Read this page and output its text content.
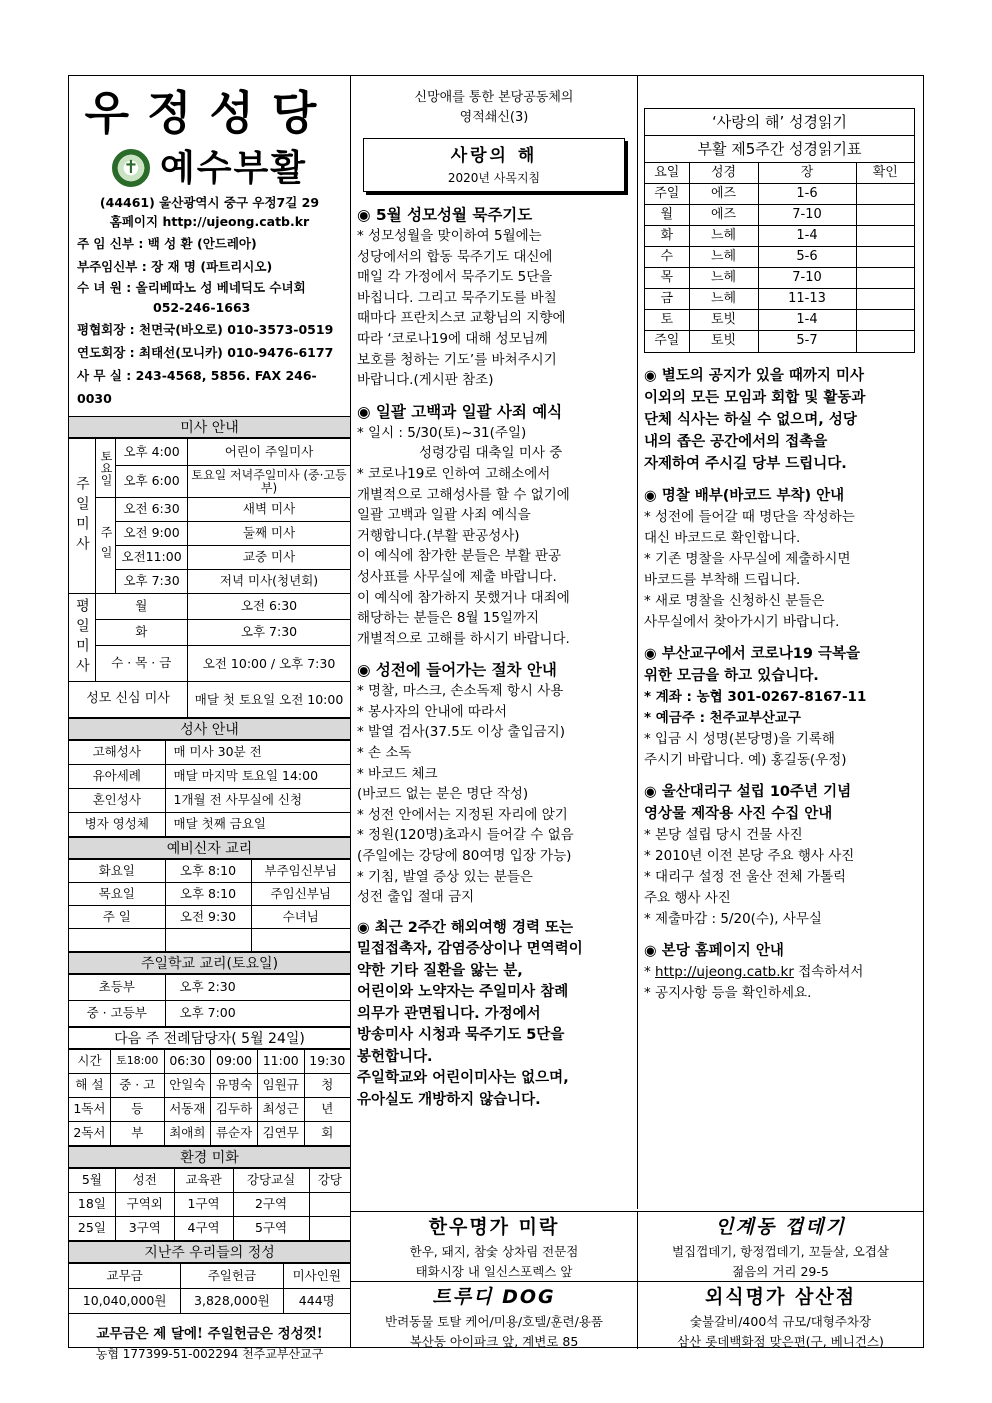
우정성당
✝
예수부활
(44461) 울산광역시 중구 우정7길 29
홈페이지 http://ujeong.catb.kr
주 임 신부 : 백 성 환 (안드레아)
부주임신부 : 장 재 명 (파트리시오)
수 녀 원 : 올리베따노 성 베네딕도 수녀회
052-246-1663
평협회장 : 천면국(바오로) 010-3573-0519
연도회장 : 최태선(모니카) 010-9476-6177
사 무 실 : 243-4568, 5856. FAX 246-0030
미사 안내
주일미사	토요일	오후 4:00	어린이 주일미사
		오후 6:00	토요일 저녁주일미사 (중·고등부)
	주일	오전 6:30	새벽 미사
		오전 9:00	둘째 미사
		오전11:00	교중 미사
		오후 7:30	저녁 미사(청년회)
평일미사	월		오전 6:30
	화		오후 7:30
	수 · 목 · 금		오전 10:00 / 오후 7:30
성모 신심 미사			매달 첫 토요일 오전 10:00
성사 안내
고해성사	매 미사 30분 전
유아세례	매달 마지막 토요일 14:00
혼인성사	1개월 전 사무실에 신청
병자 영성체	매달 첫째 금요일
예비신자 교리
화요일	오후 8:10	부주임신부님
목요일	오후 8:10	주임신부님
주 일	오전 9:30	수녀님

주일학교 교리(토요일)
초등부	오후 2:30
중 · 고등부	오후 7:00
다음 주 전례담당자( 5월 24일)
시간	토18:00	06:30	09:00	11:00	19:30
해 설	중 · 고	안일숙	유명숙	임원규	청
1독서	등	서동재	김두하	최성근	년
2독서	부	최애희	류순자	김연무	회
환경 미화
5월	성전	교육관	강당교실	강당
18일	구역외	1구역	2구역	
25일	3구역	4구역	5구역	
지난주 우리들의 정성
교무금	주일헌금	미사인원
10,040,000원	3,828,000원	444명
교무금은 제 달에! 주일헌금은 정성껏!
농협 177399-51-002294 천주교부산교구
신망애를 통한 본당공동체의
영적쇄신(3)
사랑의 해
2020년 사목지침
◉ 5월 성모성월 묵주기도
* 성모성월을 맞이하여 5월에는
성당에서의 합동 묵주기도 대신에
매일 각 가정에서 묵주기도 5단을
바칩니다. 그리고 묵주기도를 바칠
때마다 프란치스코 교황님의 지향에
따라 ‘코로나19에 대해 성모님께
보호를 청하는 기도’를 바쳐주시기
바랍니다.(게시판 참조)
◉ 일괄 고백과 일괄 사죄 예식
* 일시 : 5/30(토)~31(주일)
성령강림 대축일 미사 중
* 코로나19로 인하여 고해소에서
개별적으로 고해성사를 할 수 없기에
일괄 고백과 일괄 사죄 예식을
거행합니다.(부활 판공성사)
이 예식에 참가한 분들은 부활 판공
성사표를 사무실에 제출 바랍니다.
이 예식에 참가하지 못했거나 대죄에
해당하는 분들은 8월 15일까지
개별적으로 고해를 하시기 바랍니다.
◉ 성전에 들어가는 절차 안내
* 명찰, 마스크, 손소독제 항시 사용
* 봉사자의 안내에 따라서
* 발열 검사(37.5도 이상 출입금지)
* 손 소독
* 바코드 체크
(바코드 없는 분은 명단 작성)
* 성전 안에서는 지정된 자리에 앉기
* 정원(120명)초과시 들어갈 수 없음
(주일에는 강당에 80여명 입장 가능)
* 기침, 발열 증상 있는 분들은
성전 출입 절대 금지
◉ 최근 2주간 해외여행 경력 또는
밀접접촉자, 감염증상이나 면역력이
약한 기타 질환을 앓는 분,
어린이와 노약자는 주일미사 참례
의무가 관면됩니다. 가정에서
방송미사 시청과 묵주기도 5단을
봉헌합니다.
주일학교와 어린이미사는 없으며,
유아실도 개방하지 않습니다.
‘사랑의 해’ 성경읽기
부활 제5주간 성경읽기표
요일	성경	장	확인
주일	에즈	1-6	
월	에즈	7-10	
화	느헤	1-4	
수	느헤	5-6	
목	느헤	7-10	
금	느헤	11-13	
토	토빗	1-4	
주일	토빗	5-7	
◉ 별도의 공지가 있을 때까지 미사
이외의 모든 모임과 회합 및 활동과
단체 식사는 하실 수 없으며, 성당
내의 좁은 공간에서의 접촉을
자제하여 주시길 당부 드립니다.
◉ 명찰 배부(바코드 부착) 안내
* 성전에 들어갈 때 명단을 작성하는
대신 바코드로 확인합니다.
* 기존 명찰을 사무실에 제출하시면
바코드를 부착해 드립니다.
* 새로 명찰을 신청하신 분들은
사무실에서 찾아가시기 바랍니다.
◉ 부산교구에서 코로나19 극복을
위한 모금을 하고 있습니다.
* 계좌 : 농협 301-0267-8167-11
* 예금주 : 천주교부산교구
* 입금 시 성명(본당명)을 기록해
주시기 바랍니다. 예) 홍길동(우정)
◉ 울산대리구 설립 10주년 기념
영상물 제작용 사진 수집 안내
* 본당 설립 당시 건물 사진
* 2010년 이전 본당 주요 행사 사진
* 대리구 설정 전 울산 전체 가톨릭
주요 행사 사진
* 제출마감 : 5/20(수), 사무실
◉ 본당 홈페이지 안내
* http://ujeong.catb.kr 접속하셔서
* 공지사항 등을 확인하세요.
한우명가 미락
한우, 돼지, 참숯 상차림 전문점
태화시장 내 일신스포렉스 앞
인계동 껍데기
벌집껍데기, 항정껍데기, 꼬들살, 오겹살
젊음의 거리 29-5
트루디 DOG
반려동물 토탈 케어/미용/호텔/훈련/용품
복산동 아이파크 앞, 계변로 85
외식명가 삼산점
숯불갈비/400석 규모/대형주차장
삼산 롯데백화점 맞은편(구, 베니건스)
